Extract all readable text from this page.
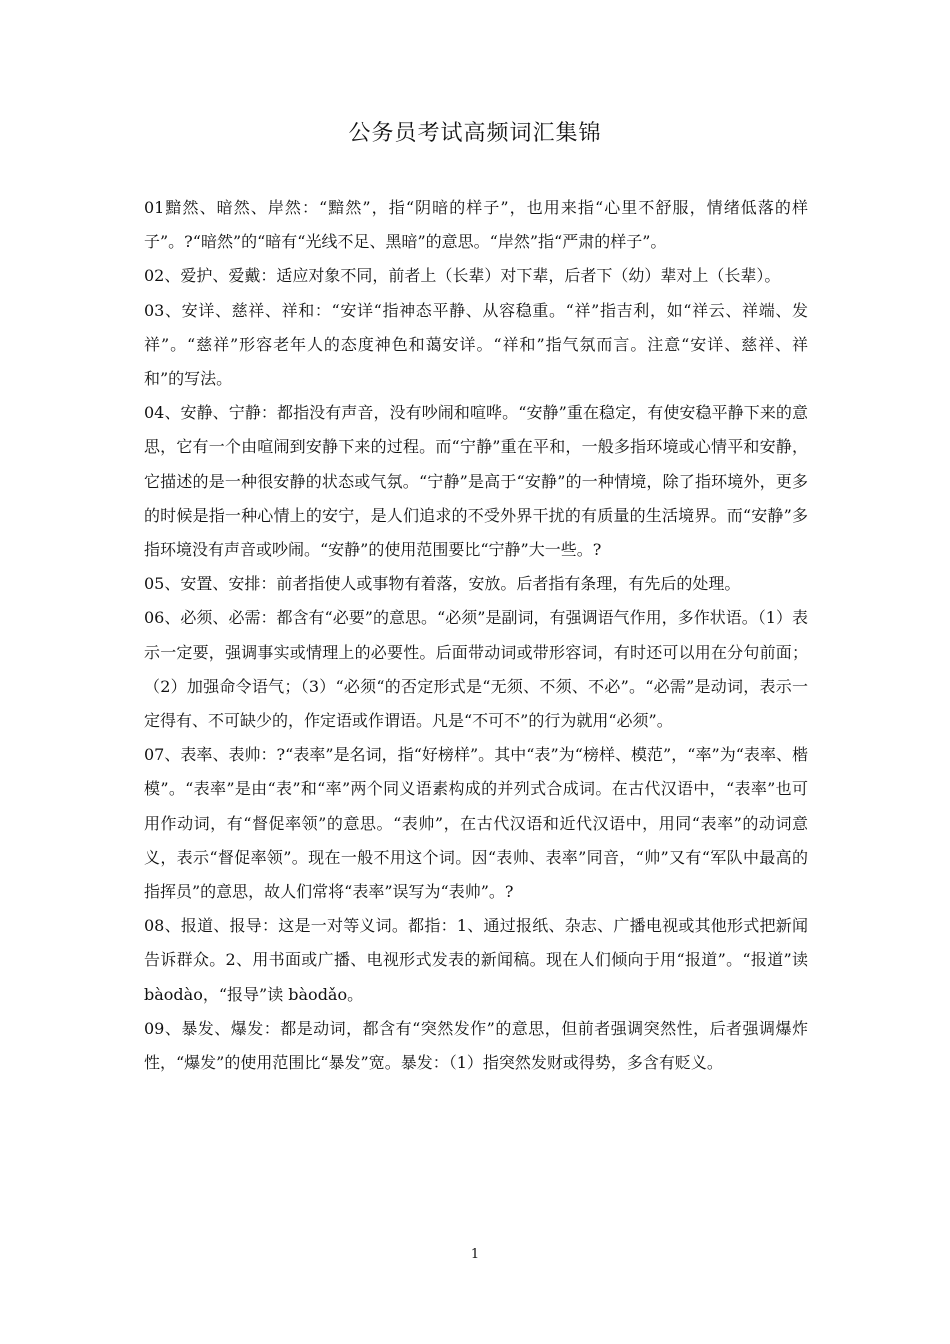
公务员考试高频词汇集锦

01黯然、暗然、岸然：“黯然”，指“阴暗的样子”，也用来指“心里不舒服，情绪低落的样子”。?“暗然”的“暗有“光线不足、黑暗”的意思。“岸然”指“严肃的样子”。

02、爱护、爱戴：适应对象不同，前者上（长辈）对下辈，后者下（幼）辈对上（长辈）。

03、安详、慈祥、祥和：“安详“指神态平静、从容稳重。“祥”指吉利，如“祥云、祥端、发祥”。“慈祥”形容老年人的态度神色和蔼安详。“祥和”指气氛而言。注意“安详、慈祥、祥和”的写法。

04、安静、宁静：都指没有声音，没有吵闹和喧哗。“安静”重在稳定，有使安稳平静下来的意思，它有一个由喧闹到安静下来的过程。而“宁静”重在平和，一般多指环境或心情平和安静，它描述的是一种很安静的状态或气氛。“宁静”是高于“安静”的一种情境，除了指环境外，更多的时候是指一种心情上的安宁，是人们追求的不受外界干扰的有质量的生活境界。而“安静”多指环境没有声音或吵闹。“安静”的使用范围要比“宁静”大一些。?

05、安置、安排：前者指使人或事物有着落，安放。后者指有条理，有先后的处理。

06、必须、必需：都含有“必要”的意思。“必须”是副词，有强调语气作用，多作状语。（1）表示一定要，强调事实或情理上的必要性。后面带动词或带形容词，有时还可以用在分句前面；（2）加强命令语气；（3）“必须“的否定形式是“无须、不须、不必”。“必需”是动词，表示一定得有、不可缺少的，作定语或作谓语。凡是“不可不”的行为就用“必须”。

07、表率、表帅：?“表率”是名词，指“好榜样”。其中“表”为“榜样、模范”，“率”为“表率、楷模”。“表率”是由“表”和“率”两个同义语素构成的并列式合成词。在古代汉语中，“表率”也可用作动词，有“督促率领”的意思。“表帅”，在古代汉语和近代汉语中，用同“表率”的动词意义，表示“督促率领”。现在一般不用这个词。因“表帅、表率”同音，“帅”又有“军队中最高的指挥员”的意思，故人们常将“表率”误写为“表帅”。?

08、报道、报导：这是一对等义词。都指：1、通过报纸、杂志、广播电视或其他形式把新闻告诉群众。2、用书面或广播、电视形式发表的新闻稿。现在人们倾向于用“报道”。“报道”读 bàodào，“报导”读 bàodǎo。

09、暴发、爆发：都是动词，都含有“突然发作”的意思，但前者强调突然性，后者强调爆炸性，“爆发”的使用范围比“暴发”宽。暴发：（1）指突然发财或得势，多含有贬义。

1
